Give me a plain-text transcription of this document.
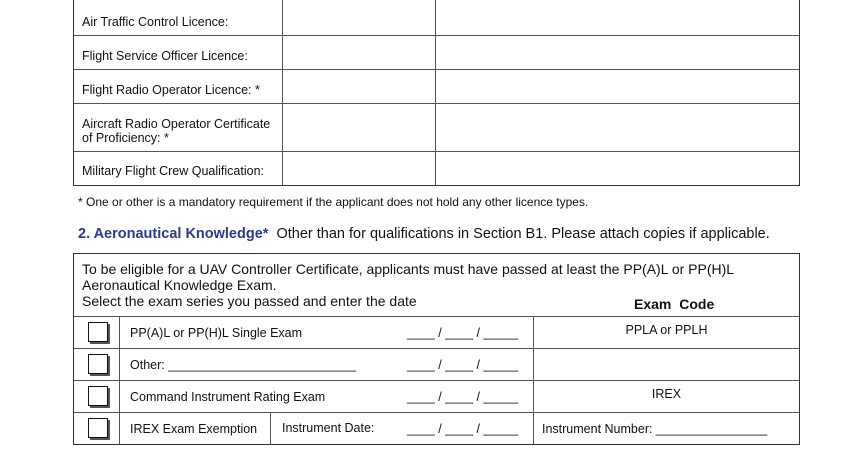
Air Traffic Control Licence:
Flight Service Officer Licence:
Flight Radio Operator Licence: *
Aircraft Radio Operator Certificate of Proficiency: *
Military Flight Crew Qualification:
* One or other is a mandatory requirement if the applicant does not hold any other licence types.
2. Aeronautical Knowledge* Other than for qualifications in Section B1. Please attach copies if applicable.
To be eligible for a UAV Controller Certificate, applicants must have passed at least the PP(A)L or PP(H)L
Aeronautical Knowledge Exam.
Select the exam series you passed and enter the date	Exam Code
PP(A)L or PP(H)L Single Exam	____ / ____ / _____	PPLA or PPLH
Other: ___________________________	____ / ____ / _____
Command Instrument Rating Exam	____ / ____ / _____	IREX
IREX Exam Exemption	Instrument Date:	____ / ____ / _____ Instrument Number: ________________
